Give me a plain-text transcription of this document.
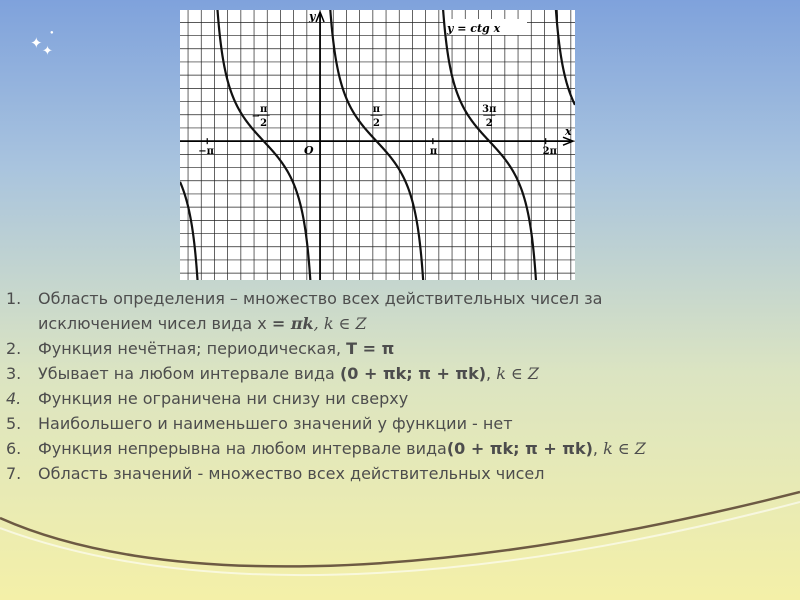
✦ ✦
●
x
y
O
y = ctg x
−π	π	2π
π
2
−
π
2
3π
2
1.	Область определения – множество всех действительных чисел за
исключением чисел вида х = πk, k ∈ Z
2.	Функция нечётная; периодическая, T = π
3.	Убывает на любом интервале вида (0 + πk; π + πk), k ∈ Z
4.	Функция не ограничена ни снизу ни сверху
5.	Наибольшего и наименьшего значений у функции - нет
6.	Функция непрерывна на любом интервале вида(0 + πk; π + πk), k ∈ Z
7.	Область значений - множество всех действительных чисел
